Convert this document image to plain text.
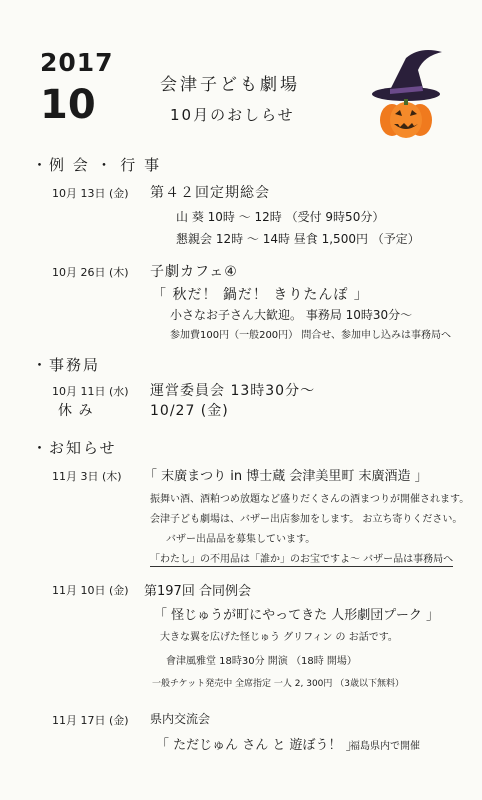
2017
10	会津子ども劇場
10月のおしらせ
・例 会 ・ 行 事
10月 13日 (金) 第４２回定期総会
山 葵 10時 ～ 12時 （受付 9時50分）
懇親会 12時 ～ 14時 昼食 1,500円 （予定）
10月 26日 (木) 子劇カフェ④
「 秋だ！ 鍋だ！ きりたんぽ 」
小さなお子さん大歓迎。 事務局 10時30分～
参加費100円（一般200円） 問合せ、参加申し込みは事務局へ
・事務局
10月 11日 (水) 運営委員会 13時30分～
休 み	10/27 (金)
・お知らせ
11月 3日 (木) 「 末廣まつり in 博士蔵 会津美里町 末廣酒造 」
振舞い酒、酒粕つめ放題など盛りだくさんの酒まつりが開催されます。
会津子ども劇場は、バザー出店参加をします。 お立ち寄りください。
バザー出品品を募集しています。
「わたし」の不用品は「誰か」のお宝ですよ～ バザー品は事務局へ
11月 10日 (金) 第197回 合同例会
「 怪じゅうが町にやってきた 人形劇団プーク 」
大きな翼を広げた怪じゅう グリフィン の お話です。
會津風雅堂 18時30分 開演 （18時 開場）
一般チケット発売中 全席指定 一人 2, 300円 （3歳以下無料）
11月 17日 (金) 県内交流会
「 ただじゅん さん と 遊ぼう！ 」
福島県内で開催
